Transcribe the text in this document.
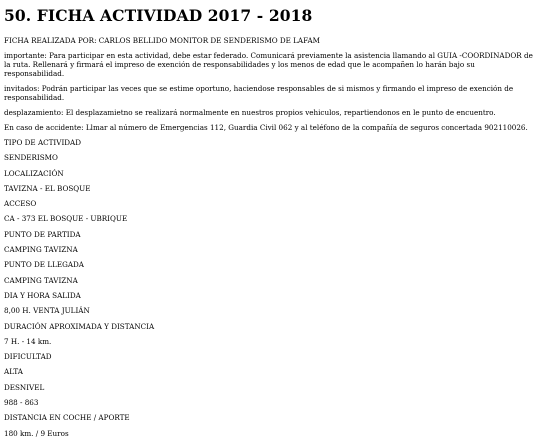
50. FICHA ACTIVIDAD 2017 - 2018

FICHA REALIZADA POR: CARLOS BELLIDO MONITOR DE SENDERISMO DE LAFAM

importante: Para participar en esta actividad, debe estar federado. Comunicará previamente la asistencia llamando al GUIA -COORDINADOR de la ruta. Rellenará y firmará el impreso de exención de responsabilidades y los menos de edad que le acompañen lo harán bajo su responsabilidad.

invitados: Podrán participar las veces que se estime oportuno, haciendose responsables de si mismos y firmando el impreso de exención de responsabilidad.

desplazamiento: El desplazamietno se realizará normalmente en nuestros propios vehiculos, repartiendonos en le punto de encuentro.

En caso de accidente: Llmar al número de Emergencias 112, Guardia Civil 062 y al teléfono de la compañía de seguros concertada 902110026.

TIPO DE ACTIVIDAD
SENDERISMO
LOCALIZACIÓN
TAVIZNA - EL BOSQUE
ACCESO
CA - 373 EL BOSQUE - UBRIQUE
PUNTO DE PARTIDA
CAMPING TAVIZNA
PUNTO DE LLEGADA
CAMPING TAVIZNA
DIA Y HORA SALIDA
8,00 H. VENTA JULIÁN
DURACIÓN APROXIMADA Y DISTANCIA
7 H. - 14 km.
DIFICULTAD
ALTA
DESNIVEL
988 - 863
DISTANCIA EN COCHE / APORTE
180 km. / 9 Euros
